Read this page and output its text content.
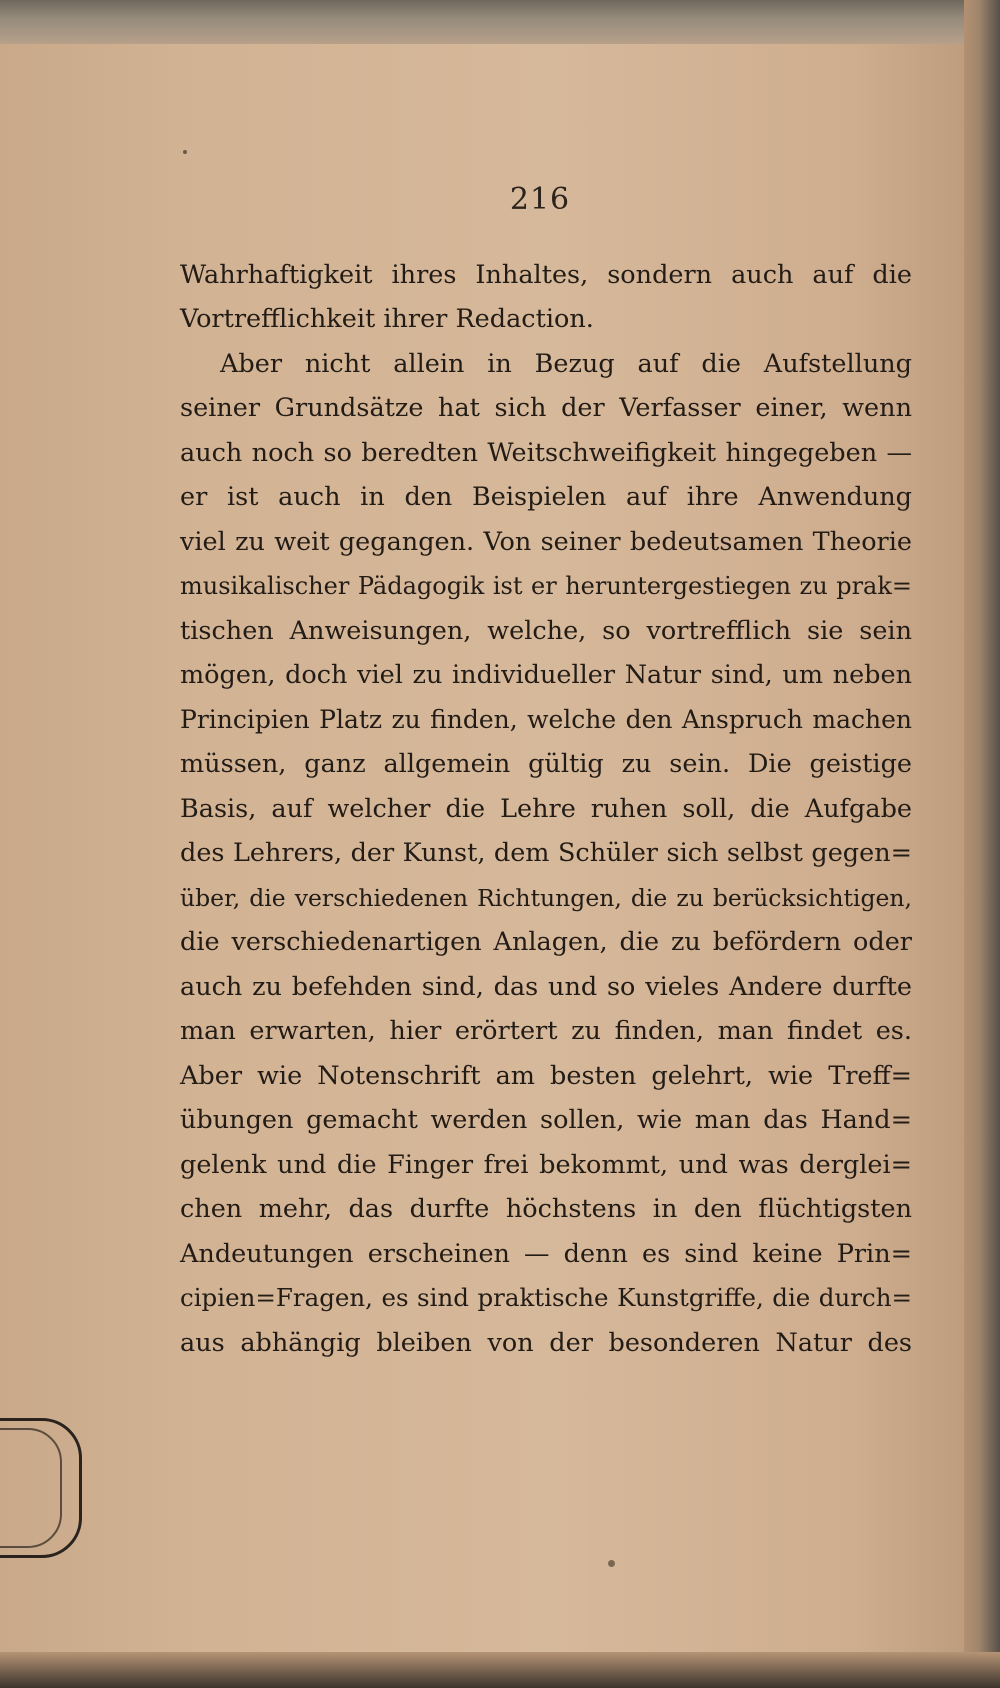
216
Wahrhaftigkeit ihres Inhaltes, sondern auch auf die
Vortrefflichkeit ihrer Redaction.
Aber nicht allein in Bezug auf die Aufstellung
seiner Grundsätze hat sich der Verfasser einer, wenn
auch noch so beredten Weitschweifigkeit hingegeben —
er ist auch in den Beispielen auf ihre Anwendung
viel zu weit gegangen. Von seiner bedeutsamen Theorie
musikalischer Pädagogik ist er heruntergestiegen zu prak=
tischen Anweisungen, welche, so vortrefflich sie sein
mögen, doch viel zu individueller Natur sind, um neben
Principien Platz zu finden, welche den Anspruch machen
müssen, ganz allgemein gültig zu sein. Die geistige
Basis, auf welcher die Lehre ruhen soll, die Aufgabe
des Lehrers, der Kunst, dem Schüler sich selbst gegen=
über, die verschiedenen Richtungen, die zu berücksichtigen,
die verschiedenartigen Anlagen, die zu befördern oder
auch zu befehden sind, das und so vieles Andere durfte
man erwarten, hier erörtert zu finden, man findet es.
Aber wie Notenschrift am besten gelehrt, wie Treff=
übungen gemacht werden sollen, wie man das Hand=
gelenk und die Finger frei bekommt, und was derglei=
chen mehr, das durfte höchstens in den flüchtigsten
Andeutungen erscheinen — denn es sind keine Prin=
cipien=Fragen, es sind praktische Kunstgriffe, die durch=
aus abhängig bleiben von der besonderen Natur des
